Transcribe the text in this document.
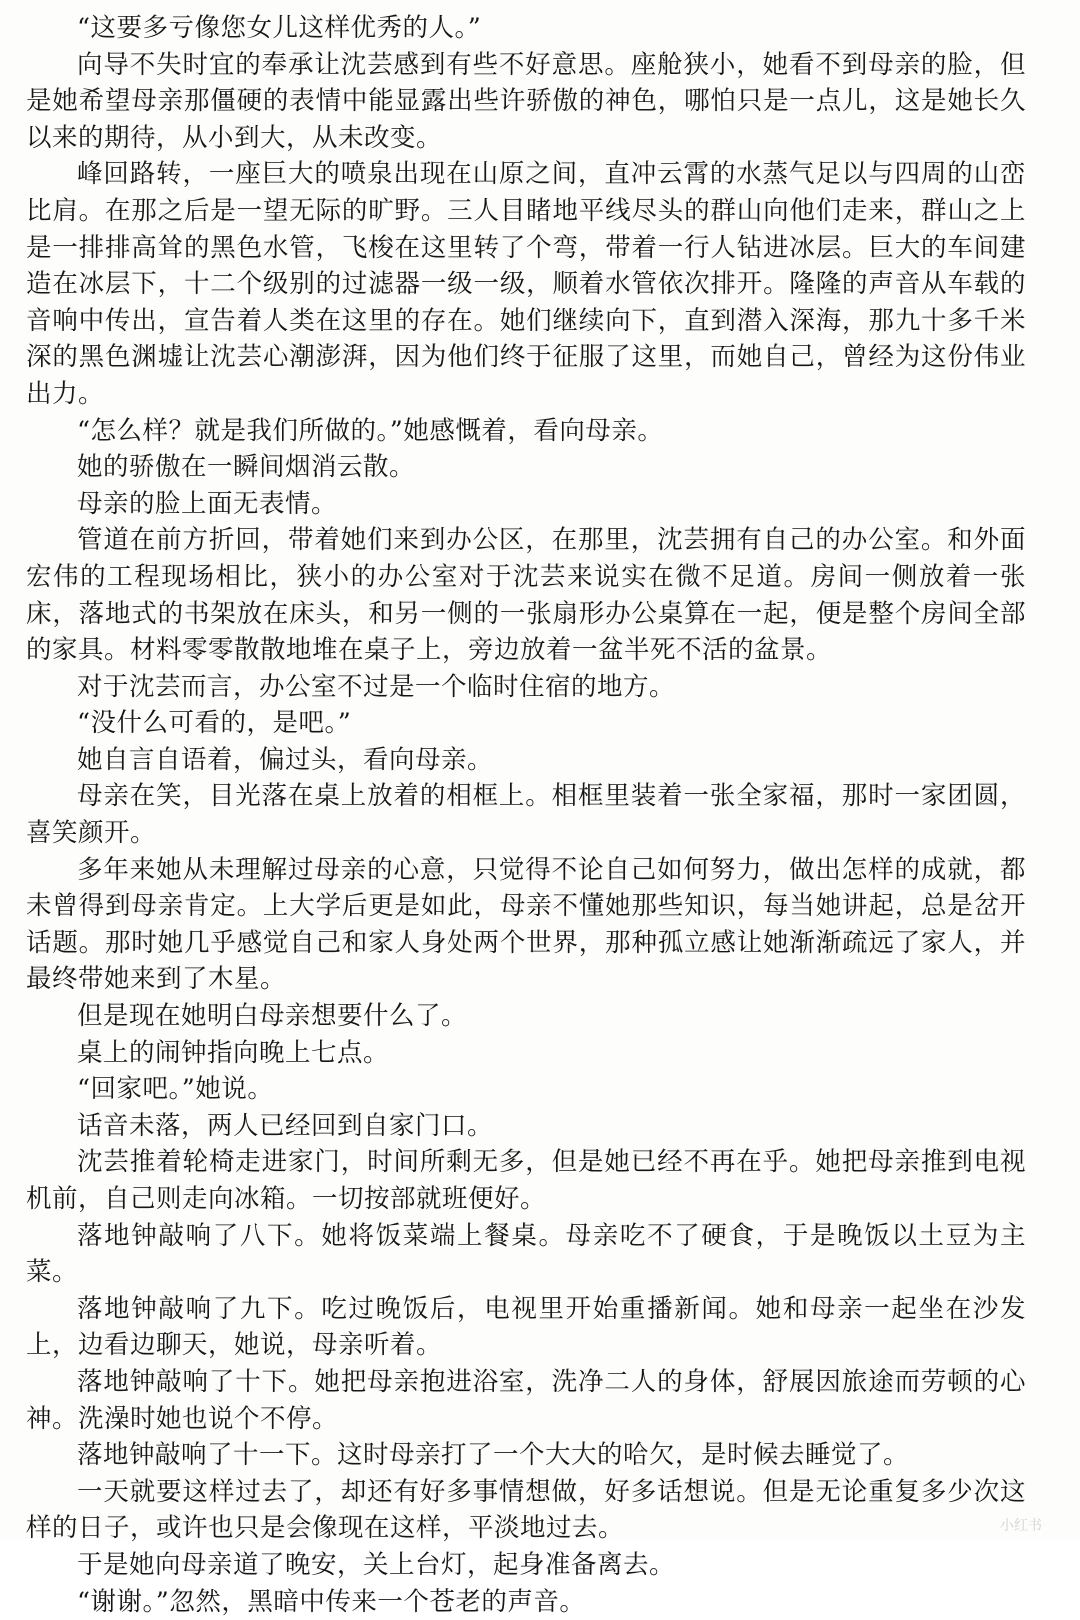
“这要多亏像您女儿这样优秀的人。”

向导不失时宜的奉承让沈芸感到有些不好意思。座舱狭小，她看不到母亲的脸，但是她希望母亲那僵硬的表情中能显露出些许骄傲的神色，哪怕只是一点儿，这是她长久以来的期待，从小到大，从未改变。

峰回路转，一座巨大的喷泉出现在山原之间，直冲云霄的水蒸气足以与四周的山峦比肩。在那之后是一望无际的旷野。三人目睹地平线尽头的群山向他们走来，群山之上是一排排高耸的黑色水管，飞梭在这里转了个弯，带着一行人钻进冰层。巨大的车间建造在冰层下，十二个级别的过滤器一级一级，顺着水管依次排开。隆隆的声音从车载的音响中传出，宣告着人类在这里的存在。她们继续向下，直到潜入深海，那九十多千米深的黑色渊墟让沈芸心潮澎湃，因为他们终于征服了这里，而她自己，曾经为这份伟业出力。

“怎么样？就是我们所做的。”她感慨着，看向母亲。

她的骄傲在一瞬间烟消云散。

母亲的脸上面无表情。

管道在前方折回，带着她们来到办公区，在那里，沈芸拥有自己的办公室。和外面宏伟的工程现场相比，狭小的办公室对于沈芸来说实在微不足道。房间一侧放着一张床，落地式的书架放在床头，和另一侧的一张扇形办公桌算在一起，便是整个房间全部的家具。材料零零散散地堆在桌子上，旁边放着一盆半死不活的盆景。

对于沈芸而言，办公室不过是一个临时住宿的地方。

“没什么可看的，是吧。”

她自言自语着，偏过头，看向母亲。

母亲在笑，目光落在桌上放着的相框上。相框里装着一张全家福，那时一家团圆，喜笑颜开。

多年来她从未理解过母亲的心意，只觉得不论自己如何努力，做出怎样的成就，都未曾得到母亲肯定。上大学后更是如此，母亲不懂她那些知识，每当她讲起，总是岔开话题。那时她几乎感觉自己和家人身处两个世界，那种孤立感让她渐渐疏远了家人，并最终带她来到了木星。

但是现在她明白母亲想要什么了。

桌上的闹钟指向晚上七点。

“回家吧。”她说。

话音未落，两人已经回到自家门口。

沈芸推着轮椅走进家门，时间所剩无多，但是她已经不再在乎。她把母亲推到电视机前，自己则走向冰箱。一切按部就班便好。

落地钟敲响了八下。她将饭菜端上餐桌。母亲吃不了硬食，于是晚饭以土豆为主菜。

落地钟敲响了九下。吃过晚饭后，电视里开始重播新闻。她和母亲一起坐在沙发上，边看边聊天，她说，母亲听着。

落地钟敲响了十下。她把母亲抱进浴室，洗净二人的身体，舒展因旅途而劳顿的心神。洗澡时她也说个不停。

落地钟敲响了十一下。这时母亲打了一个大大的哈欠，是时候去睡觉了。

一天就要这样过去了，却还有好多事情想做，好多话想说。但是无论重复多少次这样的日子，或许也只是会像现在这样，平淡地过去。

于是她向母亲道了晚安，关上台灯，起身准备离去。

“谢谢。”忽然，黑暗中传来一个苍老的声音。

小红书
